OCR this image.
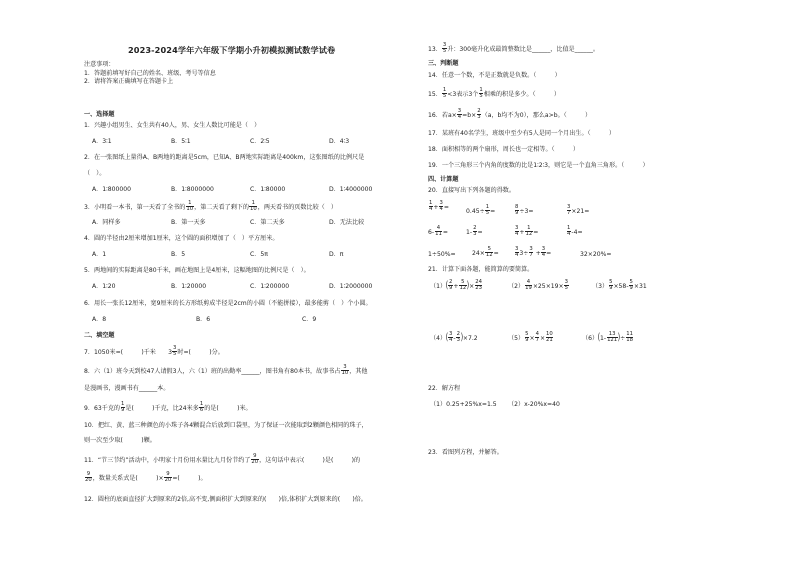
2023-2024学年六年级下学期小升初模拟测试数学试卷
注意事项：
1．答题前填写好自己的姓名、班级、考号等信息
2．请将答案正确填写在答题卡上
一、选择题
1．兴趣小组男生、女生共有40人，男、女生人数比可能是（　）
A．3∶1	B．5∶1	C．2∶5	D．4∶3
2．在一张图纸上量得A、B两地的距离是5cm，已知A、B两地实际距离是400km，这张图纸的比例尺是
（　）。
A．1∶800000	B．1∶8000000	C．1∶80000	D．1∶4000000
3．小明看一本书，第一天看了全书的 $\frac{1}{10}$ ，第二天看了剩下的 $\frac{1}{10}$ ，两天看书的页数比较（　）
A．同样多	B．第一天多	C．第二天多	D．无法比较
4．圆的半径由2厘米增加1厘米，这个圆的面积增加了（　）平方厘米。
A．1	B．5	C．5π	D．π
5．两地间的实际距离是80千米，画在地图上是4厘米，这幅地图的比例尺是（　）。
A．1∶20	B．1∶20000	C．1∶200000	D．1∶2000000
6．用长一张长12厘米，宽9厘米的长方形纸剪成半径是2cm的小圆（不能拼接），最多能剪（　）个小圆。
A．8	B．6	C．9
二、填空题
7．1050米=(　　　)千米　　 $3 \frac{3}{5}$ 时=(　　　)分。
8．六（1）班今天到校47人请假3人，六（1）班的出勤率______，图书角有80本书，故事书占 $\frac{3}{10}$ ，其他
是漫画书，漫画书有______本。
9．63千克的 $\frac{1}{9}$ 是(　　　)千克，比24米多 $\frac{1}{6}$ 的是(　　　)米。
10．把红、黄、蓝三种颜色的小珠子各4颗混合后放到口袋里，为了保证一次能取到2颗颜色相同的珠子，
则一次至少取(　　　)颗。
11．“节三节约”活动中，小明家十月份用水量比九月份节约了 $\frac{9}{20}$ ，这句话中表示(　　　)是(　　　)的
$\frac{9}{20}$ ，数量关系式是(　　　)× $\frac{9}{20}$ =(　　　)。
12．圆柱的底面直径扩大到原来的2倍,高不变,侧面积扩大到原来的(　　)倍,体积扩大到原来的(　　)倍。
13． $\frac{3}{5}$ 升：300毫升化成最简整数比是______，比值是______。
三、判断题
14．任意一个数，不是正数就是负数。（　　　）
15． $\frac{1}{5} <3$表示3个 $\frac{1}{5}$ 相乘的积是多少。（　　　）
16．若$a\times \frac{3}{4} =b\times \frac{2}{3} (a$，b均不为0），那么a>b。（　　　）
17．某班有40名学生，班级中至少有5人是同一个月出生。（　　　）
18．面积相等的两个扇形，周长也一定相等。（　　　）
19．一个三角形三个内角的度数的比是1∶2∶3，则它是一个直角三角形。（　　　）
四、计算题
20．直接写出下列各题的得数。
$\frac{1}{4} + \frac{3}{4}$ =
$0.45\div \frac{1}{5}$ =	$\frac{8}{9} \div 3=$	$\frac{3}{7} \times 21=$
$6- \frac{4}{11}$ =	$1- \frac{2}{3}$ =	$\frac{3}{4} + \frac{1}{12}$ =	$\frac{1}{4} -4=$
1÷50%=	$24\times \frac{5}{12}$ =	$\frac{3}{4} 3\div \frac{3}{7} + \frac{3}{4}$ =	32×20%=
21．计算下面各题，能简算的要简算。
$(1)( \frac{2}{9} + \frac{5}{12}$ )× $\frac{24}{23}$	$(2) \frac{4}{19} \times 25\times 19\times \frac{3}{5}$	$(3) \frac{5}{9} \times 58- \frac{5}{9} \times 31$
$(4)( \frac{3}{4} - \frac{2}{3} )\times 7.2$	$(5) \frac{5}{9} \times \frac{4}{7} \times \frac{10}{21}$	$(6)(1- \frac{13}{121}$ )÷ $\frac{11}{18}$
22．解方程
（1）0.25+25%x=1.5 （2）x-20%x=40
23．看图列方程，并解答。
